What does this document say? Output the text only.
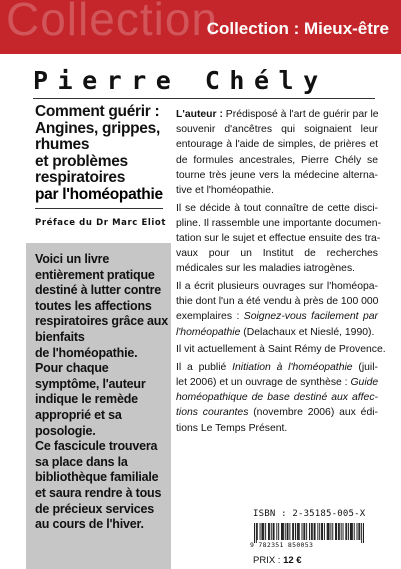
Collection
Collection : Mieux-être
Pierre Chély
Comment guérir :
Angines, grippes,
rhumes
et problèmes
respiratoires
par l'homéopathie
Préface du Dr Marc Eliot

Voici un livre
entièrement pratique
destiné à lutter contre
toutes les affections
respiratoires grâce aux
bienfaits
de l'homéopathie.
Pour chaque
symptôme, l'auteur
indique le remède
approprié et sa
posologie.
Ce fascicule trouvera
sa place dans la
bibliothèque familiale
et saura rendre à tous
de précieux services
au cours de l'hiver.

L'auteur : Prédisposé à l'art de guérir par le
souvenir d'ancêtres qui soignaient leur
entourage à l'aide de simples, de prières et
de formules ancestrales, Pierre Chély se
tourne très jeune vers la médecine alterna-
tive et l'homéopathie.

Il se décide à tout connaître de cette disci-
pline. Il rassemble une importante documen-
tation sur le sujet et effectue ensuite des tra-
vaux pour un Institut de recherches
médicales sur les maladies iatrogènes.

Il a écrit plusieurs ouvrages sur l'homéopa-
thie dont l'un a été vendu à près de 100 000
exemplaires : Soignez-vous facilement par
l'homéopathie (Delachaux et Nieslé, 1990).

Il vit actuellement à Saint Rémy de Provence.

Il a publié Initiation à l'homéopathie (juil-
let 2006) et un ouvrage de synthèse : Guide
homéopathique de base destiné aux affec-
tions courantes (novembre 2006) aux édi-
tions Le Temps Présent.

ISBN : 2-35185-005-X
9 782351 850053
PRIX : 12 €
